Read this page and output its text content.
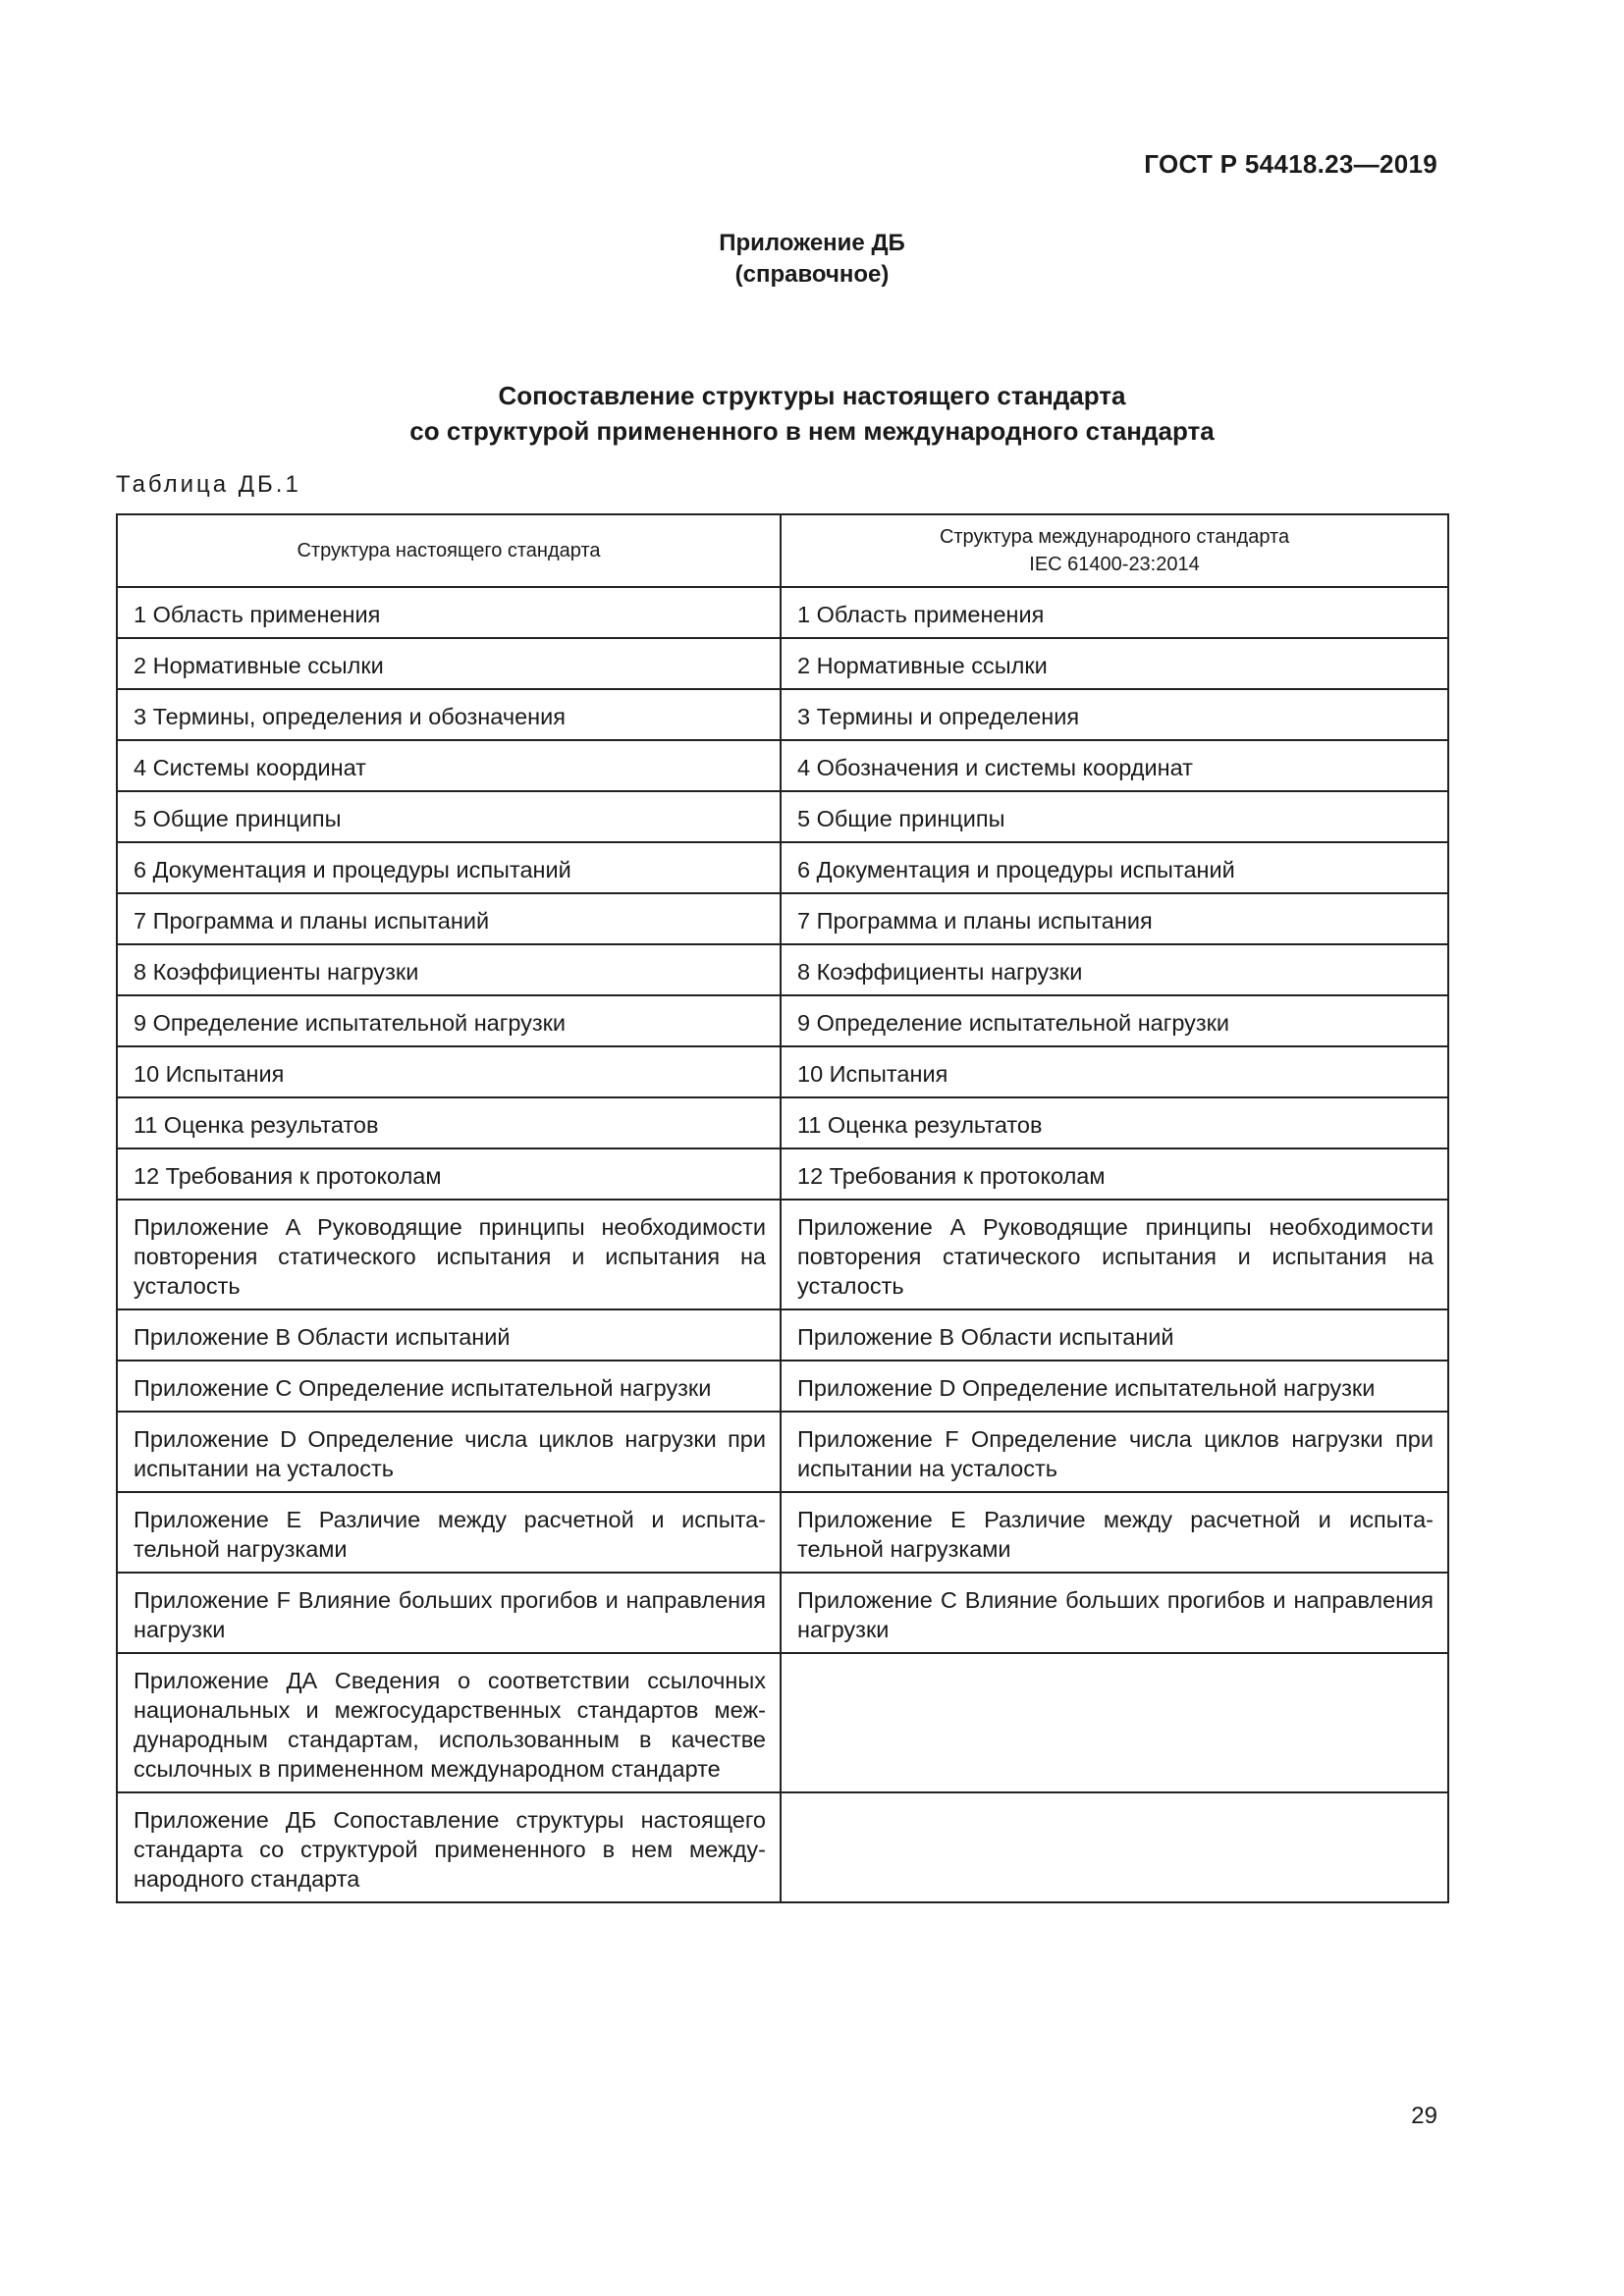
ГОСТ Р 54418.23—2019
Приложение ДБ
(справочное)
Сопоставление структуры настоящего стандарта
со структурой примененного в нем международного стандарта
Таблица ДБ.1
Структура настоящего стандарта	Структура международного стандарта
IEC 61400-23:2014

1 Область применения	1 Область применения
2 Нормативные ссылки	2 Нормативные ссылки
3 Термины, определения и обозначения	3 Термины и определения
4 Системы координат	4 Обозначения и системы координат
5 Общие принципы	5 Общие принципы
6 Документация и процедуры испытаний	6 Документация и процедуры испытаний
7 Программа и планы испытаний	7 Программа и планы испытания
8 Коэффициенты нагрузки	8 Коэффициенты нагрузки
9 Определение испытательной нагрузки	9 Определение испытательной нагрузки
10 Испытания	10 Испытания
11 Оценка результатов	11 Оценка результатов
12 Требования к протоколам	12 Требования к протоколам
Приложение А Руководящие принципы необходимости повторения статического испытания и испытания на усталость	Приложение А Руководящие принципы необходимости повторения статического испытания и испытания на усталость
Приложение В Области испытаний	Приложение В Области испытаний
Приложение С Определение испытательной нагрузки	Приложение D Определение испытательной нагрузки
Приложение D Определение числа циклов нагрузки при испытании на усталость	Приложение F Определение числа циклов нагрузки при испытании на усталость
Приложение Е Различие между расчетной и испытательной нагрузками	Приложение Е Различие между расчетной и испытательной нагрузками
Приложение F Влияние больших прогибов и направления нагрузки	Приложение С Влияние больших прогибов и направления нагрузки
Приложение ДА Сведения о соответствии ссылочных национальных и межгосударственных стандартов международным стандартам, использованным в качестве ссылочных в примененном международном стандарте	
Приложение ДБ Сопоставление структуры настоящего стандарта со структурой примененного в нем международного стандарта	
29
